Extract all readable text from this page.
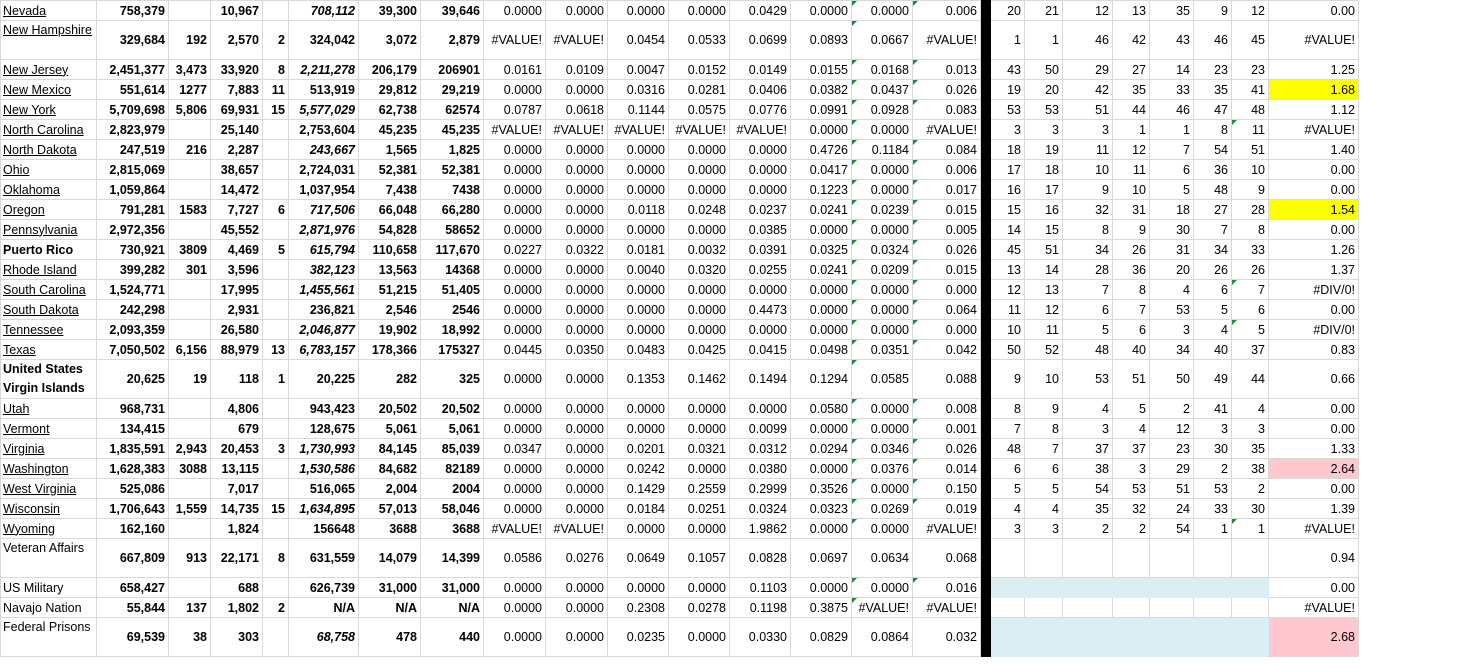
Nevada	758,379		10,967		708,112	39,300	39,646	0.0000	0.0000	0.0000	0.0000	0.0429	0.0000	0.0000	0.006		20	21	12	13	35	9	12	0.00
New Hampshire	329,684	192	2,570	2	324,042	3,072	2,879	#VALUE!	#VALUE!	0.0454	0.0533	0.0699	0.0893	0.0667	#VALUE!		1	1	46	42	43	46	45	#VALUE!
New Jersey	2,451,377	3,473	33,920	8	2,211,278	206,179	206901	0.0161	0.0109	0.0047	0.0152	0.0149	0.0155	0.0168	0.013		43	50	29	27	14	23	23	1.25
New Mexico	551,614	1277	7,883	11	513,919	29,812	29,219	0.0000	0.0000	0.0316	0.0281	0.0406	0.0382	0.0437	0.026		19	20	42	35	33	35	41	1.68
New York	5,709,698	5,806	69,931	15	5,577,029	62,738	62574	0.0787	0.0618	0.1144	0.0575	0.0776	0.0991	0.0928	0.083		53	53	51	44	46	47	48	1.12
North Carolina	2,823,979		25,140		2,753,604	45,235	45,235	#VALUE!	#VALUE!	#VALUE!	#VALUE!	#VALUE!	0.0000	0.0000	#VALUE!		3	3	3	1	1	8	11	#VALUE!
North Dakota	247,519	216	2,287		243,667	1,565	1,825	0.0000	0.0000	0.0000	0.0000	0.0000	0.4726	0.1184	0.084		18	19	11	12	7	54	51	1.40
Ohio	2,815,069		38,657		2,724,031	52,381	52,381	0.0000	0.0000	0.0000	0.0000	0.0000	0.0417	0.0000	0.006		17	18	10	11	6	36	10	0.00
Oklahoma	1,059,864		14,472		1,037,954	7,438	7438	0.0000	0.0000	0.0000	0.0000	0.0000	0.1223	0.0000	0.017		16	17	9	10	5	48	9	0.00
Oregon	791,281	1583	7,727	6	717,506	66,048	66,280	0.0000	0.0000	0.0118	0.0248	0.0237	0.0241	0.0239	0.015		15	16	32	31	18	27	28	1.54
Pennsylvania	2,972,356		45,552		2,871,976	54,828	58652	0.0000	0.0000	0.0000	0.0000	0.0385	0.0000	0.0000	0.005		14	15	8	9	30	7	8	0.00
Puerto Rico	730,921	3809	4,469	5	615,794	110,658	117,670	0.0227	0.0322	0.0181	0.0032	0.0391	0.0325	0.0324	0.026		45	51	34	26	31	34	33	1.26
Rhode Island	399,282	301	3,596		382,123	13,563	14368	0.0000	0.0000	0.0040	0.0320	0.0255	0.0241	0.0209	0.015		13	14	28	36	20	26	26	1.37
South Carolina	1,524,771		17,995		1,455,561	51,215	51,405	0.0000	0.0000	0.0000	0.0000	0.0000	0.0000	0.0000	0.000		12	13	7	8	4	6	7	#DIV/0!
South Dakota	242,298		2,931		236,821	2,546	2546	0.0000	0.0000	0.0000	0.0000	0.4473	0.0000	0.0000	0.064		11	12	6	7	53	5	6	0.00
Tennessee	2,093,359		26,580		2,046,877	19,902	18,992	0.0000	0.0000	0.0000	0.0000	0.0000	0.0000	0.0000	0.000		10	11	5	6	3	4	5	#DIV/0!
Texas	7,050,502	6,156	88,979	13	6,783,157	178,366	175327	0.0445	0.0350	0.0483	0.0425	0.0415	0.0498	0.0351	0.042		50	52	48	40	34	40	37	0.83
United States Virgin Islands	20,625	19	118	1	20,225	282	325	0.0000	0.0000	0.1353	0.1462	0.1494	0.1294	0.0585	0.088		9	10	53	51	50	49	44	0.66
Utah	968,731		4,806		943,423	20,502	20,502	0.0000	0.0000	0.0000	0.0000	0.0000	0.0580	0.0000	0.008		8	9	4	5	2	41	4	0.00
Vermont	134,415		679		128,675	5,061	5,061	0.0000	0.0000	0.0000	0.0000	0.0099	0.0000	0.0000	0.001		7	8	3	4	12	3	3	0.00
Virginia	1,835,591	2,943	20,453	3	1,730,993	84,145	85,039	0.0347	0.0000	0.0201	0.0321	0.0312	0.0294	0.0346	0.026		48	7	37	37	23	30	35	1.33
Washington	1,628,383	3088	13,115		1,530,586	84,682	82189	0.0000	0.0000	0.0242	0.0000	0.0380	0.0000	0.0376	0.014		6	6	38	3	29	2	38	2.64
West Virginia	525,086		7,017		516,065	2,004	2004	0.0000	0.0000	0.1429	0.2559	0.2999	0.3526	0.0000	0.150		5	5	54	53	51	53	2	0.00
Wisconsin	1,706,643	1,559	14,735	15	1,634,895	57,013	58,046	0.0000	0.0000	0.0184	0.0251	0.0324	0.0323	0.0269	0.019		4	4	35	32	24	33	30	1.39
Wyoming	162,160		1,824		156648	3688	3688	#VALUE!	#VALUE!	0.0000	0.0000	1.9862	0.0000	0.0000	#VALUE!		3	3	2	2	54	1	1	#VALUE!
Veteran Affairs	667,809	913	22,171	8	631,559	14,079	14,399	0.0586	0.0276	0.0649	0.1057	0.0828	0.0697	0.0634	0.068									0.94
US Military	658,427		688		626,739	31,000	31,000	0.0000	0.0000	0.0000	0.0000	0.1103	0.0000	0.0000	0.016									0.00
Navajo Nation	55,844	137	1,802	2	N/A	N/A	N/A	0.0000	0.0000	0.2308	0.0278	0.1198	0.3875	#VALUE!	#VALUE!									#VALUE!
Federal Prisons	69,539	38	303		68,758	478	440	0.0000	0.0000	0.0235	0.0000	0.0330	0.0829	0.0864	0.032									2.68
